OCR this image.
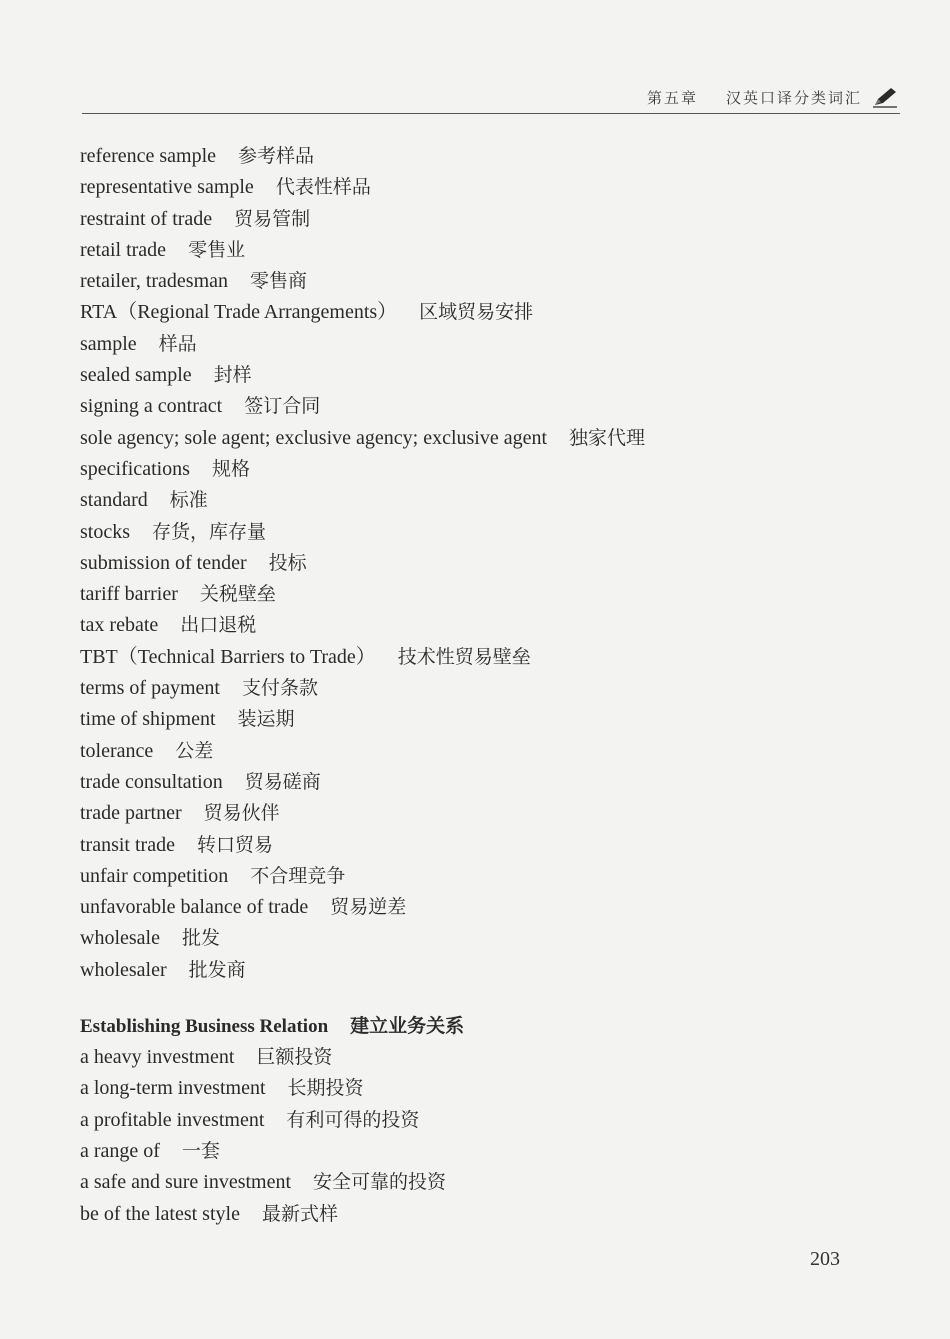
第五章 汉英口译分类词汇
reference sample 参考样品
representative sample 代表性样品
restraint of trade 贸易管制
retail trade 零售业
retailer, tradesman 零售商
RTA（Regional Trade Arrangements） 区域贸易安排
sample 样品
sealed sample 封样
signing a contract 签订合同
sole agency; sole agent; exclusive agency; exclusive agent 独家代理
specifications 规格
standard 标准
stocks 存货，库存量
submission of tender 投标
tariff barrier 关税壁垒
tax rebate 出口退税
TBT（Technical Barriers to Trade） 技术性贸易壁垒
terms of payment 支付条款
time of shipment 装运期
tolerance 公差
trade consultation 贸易磋商
trade partner 贸易伙伴
transit trade 转口贸易
unfair competition 不合理竞争
unfavorable balance of trade 贸易逆差
wholesale 批发
wholesaler 批发商
Establishing Business Relation 建立业务关系
a heavy investment 巨额投资
a long-term investment 长期投资
a profitable investment 有利可得的投资
a range of 一套
a safe and sure investment 安全可靠的投资
be of the latest style 最新式样
203
